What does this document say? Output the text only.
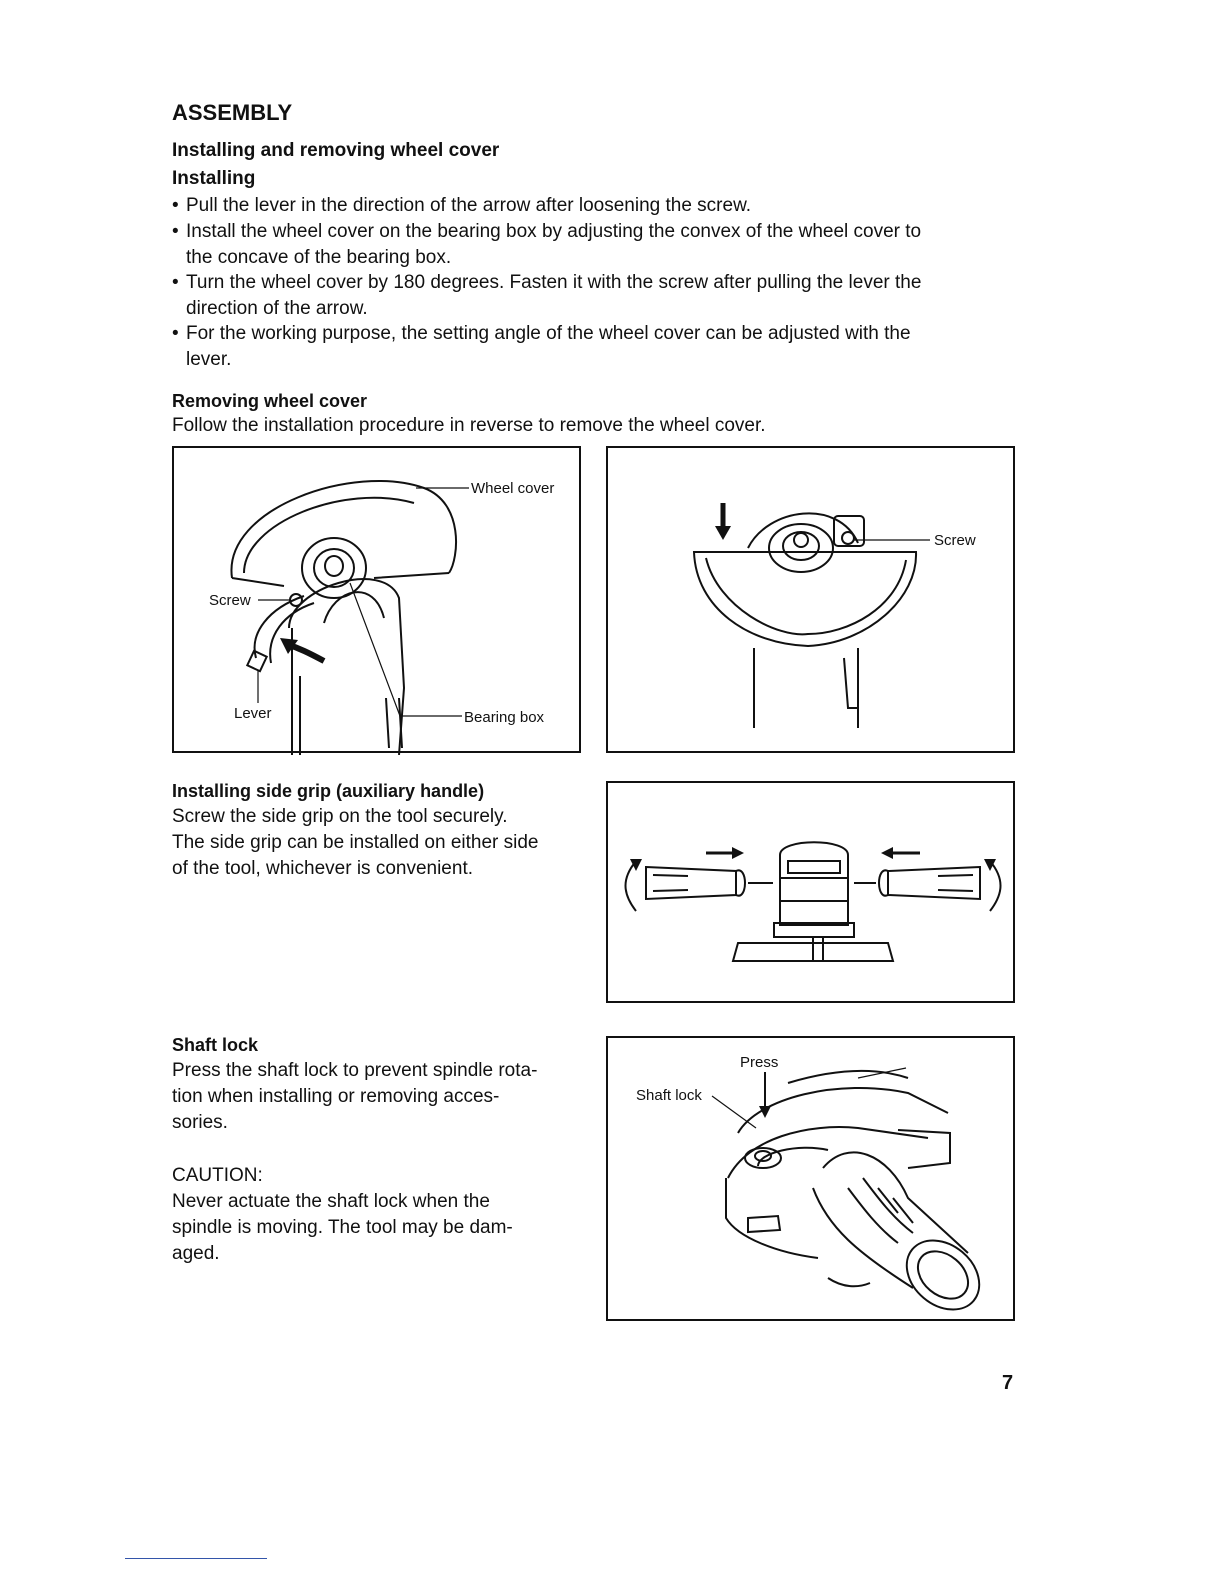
ASSEMBLY
Installing and removing wheel cover
Installing
• Pull the lever in the direction of the arrow after loosening the screw.
• Install the wheel cover on the bearing box by adjusting the convex of the wheel cover to
the concave of the bearing box.
• Turn the wheel cover by 180 degrees. Fasten it with the screw after pulling the lever the
direction of the arrow.
• For the working purpose, the setting angle of the wheel cover can be adjusted with the
lever.
Removing wheel cover
Follow the installation procedure in reverse to remove the wheel cover.
Wheel cover
Screw
Lever	Bearing box
Screw
Installing side grip (auxiliary handle)
Screw the side grip on the tool securely.
The side grip can be installed on either side
of the tool, whichever is convenient.
Shaft lock
Press the shaft lock to prevent spindle rota-
tion when installing or removing acces-
sories.
CAUTION:
Never actuate the shaft lock when the
spindle is moving. The tool may be dam-
aged.
Press
Shaft lock
7
